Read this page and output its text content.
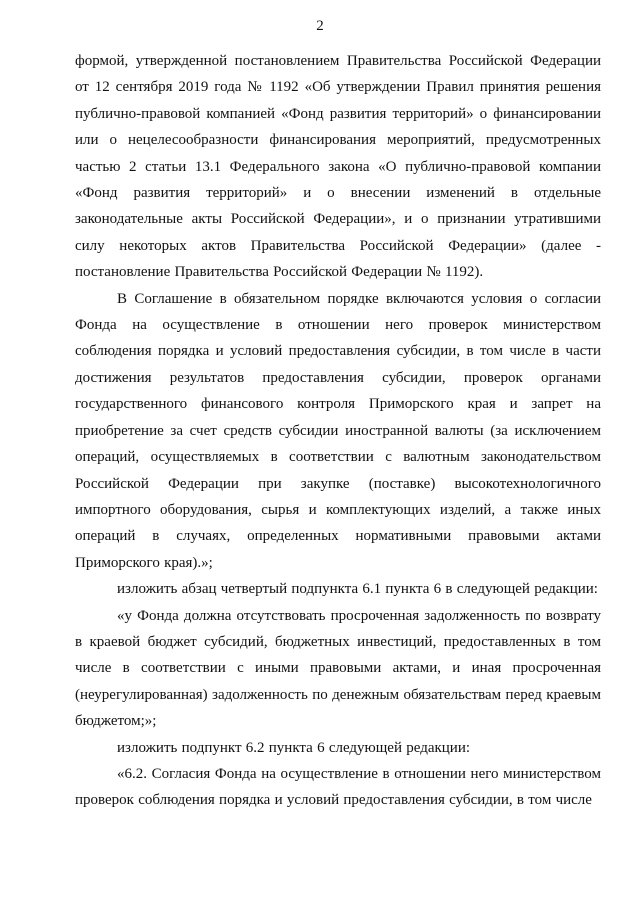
2

формой, утвержденной постановлением Правительства Российской Федерации от 12 сентября 2019 года № 1192 «Об утверждении Правил принятия решения публично-правовой компанией «Фонд развития территорий» о финансировании или о нецелесообразности финансирования мероприятий, предусмотренных частью 2 статьи 13.1 Федерального закона «О публично-правовой компании «Фонд развития территорий» и о внесении изменений в отдельные законодательные акты Российской Федерации», и о признании утратившими силу некоторых актов Правительства Российской Федерации» (далее - постановление Правительства Российской Федерации № 1192).

В Соглашение в обязательном порядке включаются условия о согласии Фонда на осуществление в отношении него проверок министерством соблюдения порядка и условий предоставления субсидии, в том числе в части достижения результатов предоставления субсидии, проверок органами государственного финансового контроля Приморского края и запрет на приобретение за счет средств субсидии иностранной валюты (за исключением операций, осуществляемых в соответствии с валютным законодательством Российской Федерации при закупке (поставке) высокотехнологичного импортного оборудования, сырья и комплектующих изделий, а также иных операций в случаях, определенных нормативными правовыми актами Приморского края).»;

изложить абзац четвертый подпункта 6.1 пункта 6 в следующей редакции:

«у Фонда должна отсутствовать просроченная задолженность по возврату в краевой бюджет субсидий, бюджетных инвестиций, предоставленных в том числе в соответствии с иными правовыми актами, и иная просроченная (неурегулированная) задолженность по денежным обязательствам перед краевым бюджетом;»;

изложить подпункт 6.2 пункта 6 следующей редакции:

«6.2. Согласия Фонда на осуществление в отношении него министерством проверок соблюдения порядка и условий предоставления субсидии, в том числе
